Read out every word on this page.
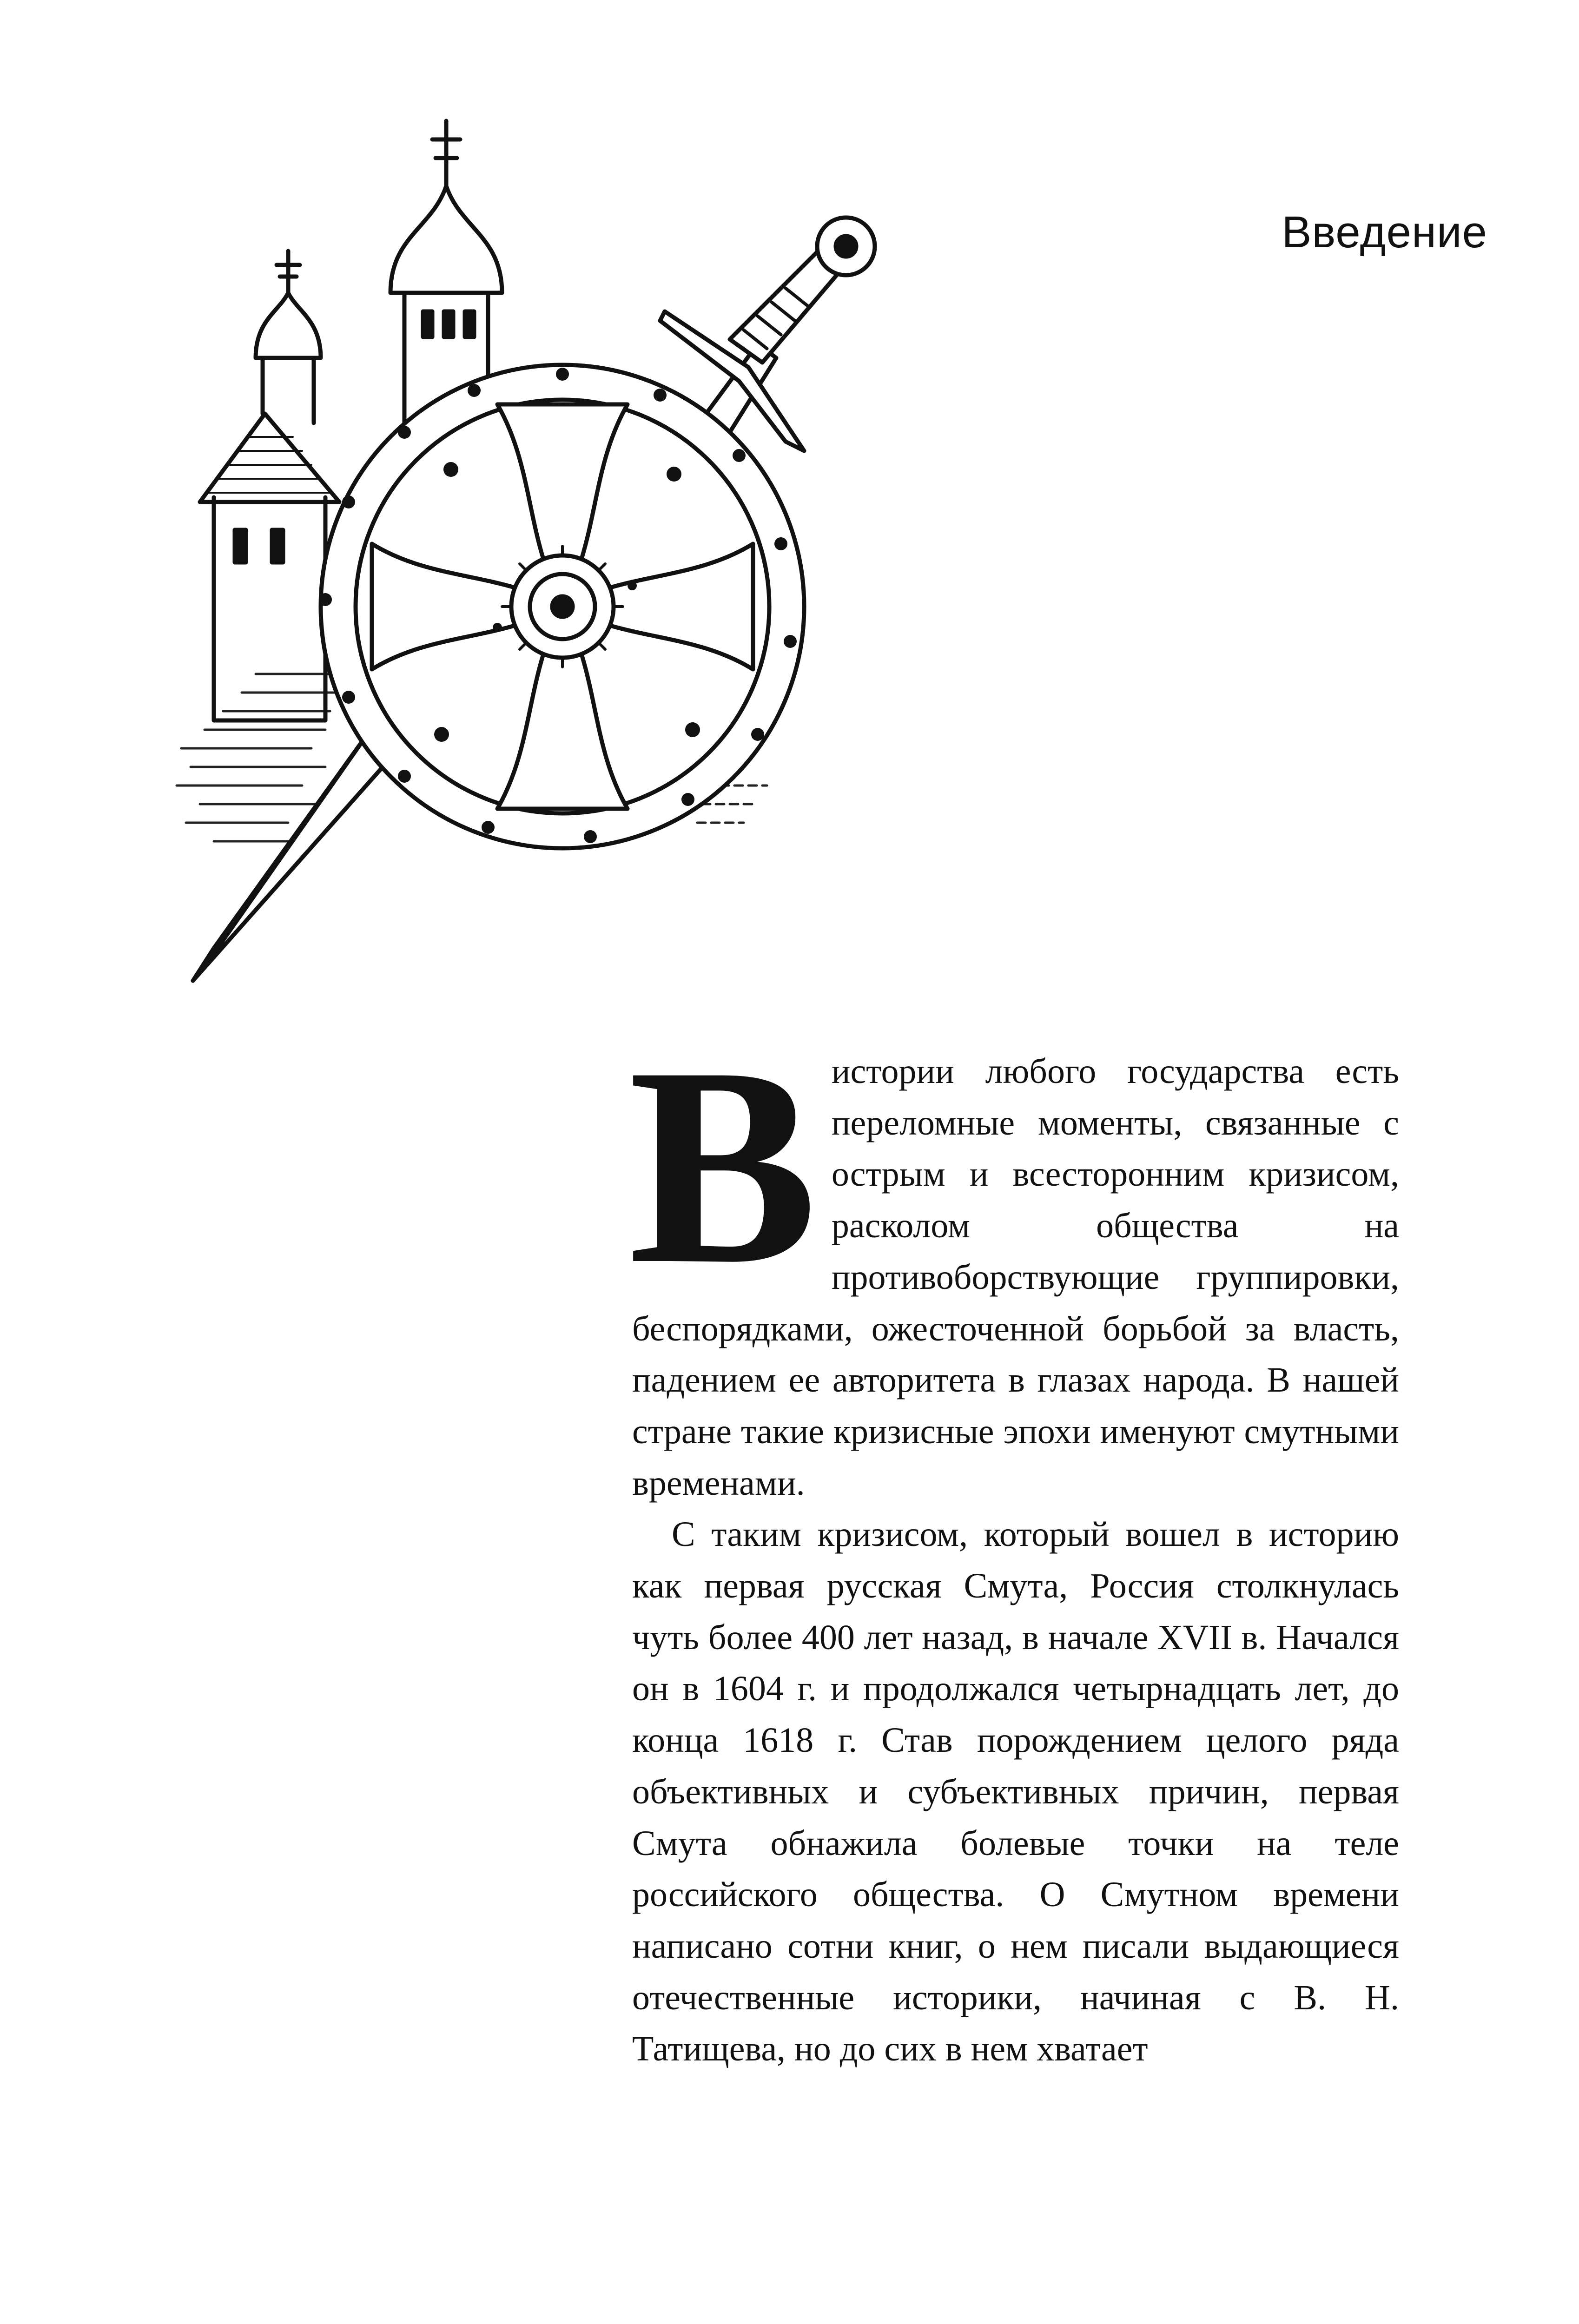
Введение
В истории любого государства есть переломные моменты, связанные с острым и всесторонним кризисом, расколом общества на противоборствующие группировки, беспорядками, ожесточенной борьбой за власть, падением ее авторитета в глазах народа. В нашей стране такие кризисные эпохи именуют смутными временами.

С таким кризисом, который вошел в историю как первая русская Смута, Россия столкнулась чуть более 400 лет назад, в начале XVII в. Начался он в 1604 г. и продолжался четырнадцать лет, до конца 1618 г. Став порождением целого ряда объективных и субъективных причин, первая Смута обнажила болевые точки на теле российского общества. О Смутном времени написано сотни книг, о нем писали выдающиеся отечественные историки, начиная с В. Н. Татищева, но до сих в нем хватает
